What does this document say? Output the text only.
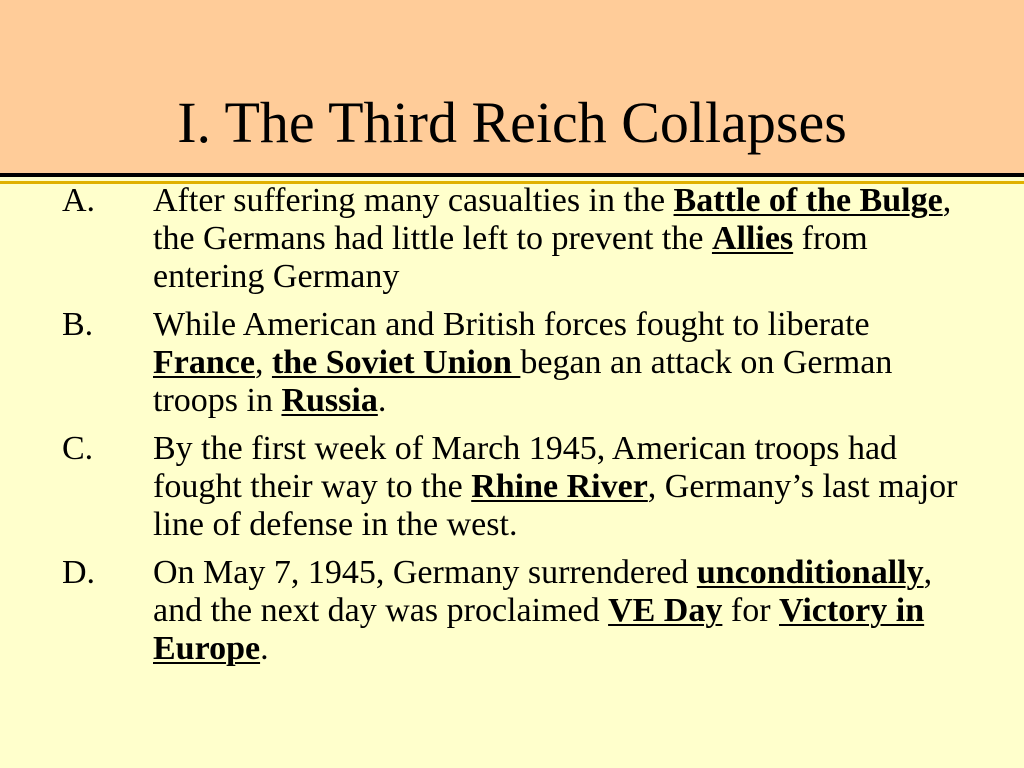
I. The Third Reich Collapses
A. After suffering many casualties in the Battle of the Bulge, the Germans had little left to prevent the Allies from entering Germany
B. While American and British forces fought to liberate France, the Soviet Union began an attack on German troops in Russia.
C. By the first week of March 1945, American troops had fought their way to the Rhine River, Germany’s last major line of defense in the west.
D. On May 7, 1945, Germany surrendered unconditionally, and the next day was proclaimed VE Day for Victory in Europe.
